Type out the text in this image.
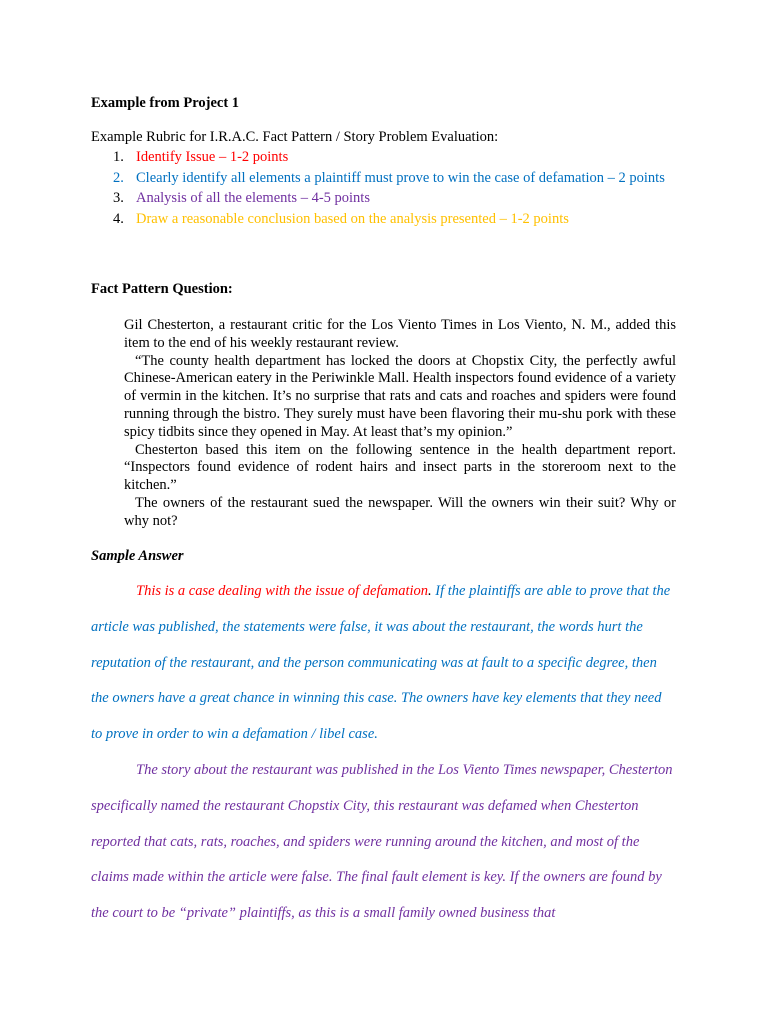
Example from Project 1
Example Rubric for I.R.A.C. Fact Pattern / Story Problem Evaluation:
1. Identify Issue – 1-2 points
2. Clearly identify all elements a plaintiff must prove to win the case of defamation – 2 points
3. Analysis of all the elements – 4-5 points
4. Draw a reasonable conclusion based on the analysis presented – 1-2 points
Fact Pattern Question:

Gil Chesterton, a restaurant critic for the Los Viento Times in Los Viento, N. M., added this item to the end of his weekly restaurant review.

“The county health department has locked the doors at Chopstix City, the perfectly awful Chinese-American eatery in the Periwinkle Mall. Health inspectors found evidence of a variety of vermin in the kitchen. It’s no surprise that rats and cats and roaches and spiders were found running through the bistro. They surely must have been flavoring their mu-shu pork with these spicy tidbits since they opened in May. At least that’s my opinion.”

Chesterton based this item on the following sentence in the health department report. “Inspectors found evidence of rodent hairs and insect parts in the storeroom next to the kitchen.”

The owners of the restaurant sued the newspaper. Will the owners win their suit? Why or why not?

Sample Answer

This is a case dealing with the issue of defamation. If the plaintiffs are able to prove that the article was published, the statements were false, it was about the restaurant, the words hurt the reputation of the restaurant, and the person communicating was at fault to a specific degree, then the owners have a great chance in winning this case. The owners have key elements that they need to prove in order to win a defamation / libel case.

The story about the restaurant was published in the Los Viento Times newspaper, Chesterton specifically named the restaurant Chopstix City, this restaurant was defamed when Chesterton reported that cats, rats, roaches, and spiders were running around the kitchen, and most of the claims made within the article were false. The final fault element is key. If the owners are found by the court to be “private” plaintiffs, as this is a small family owned business that
